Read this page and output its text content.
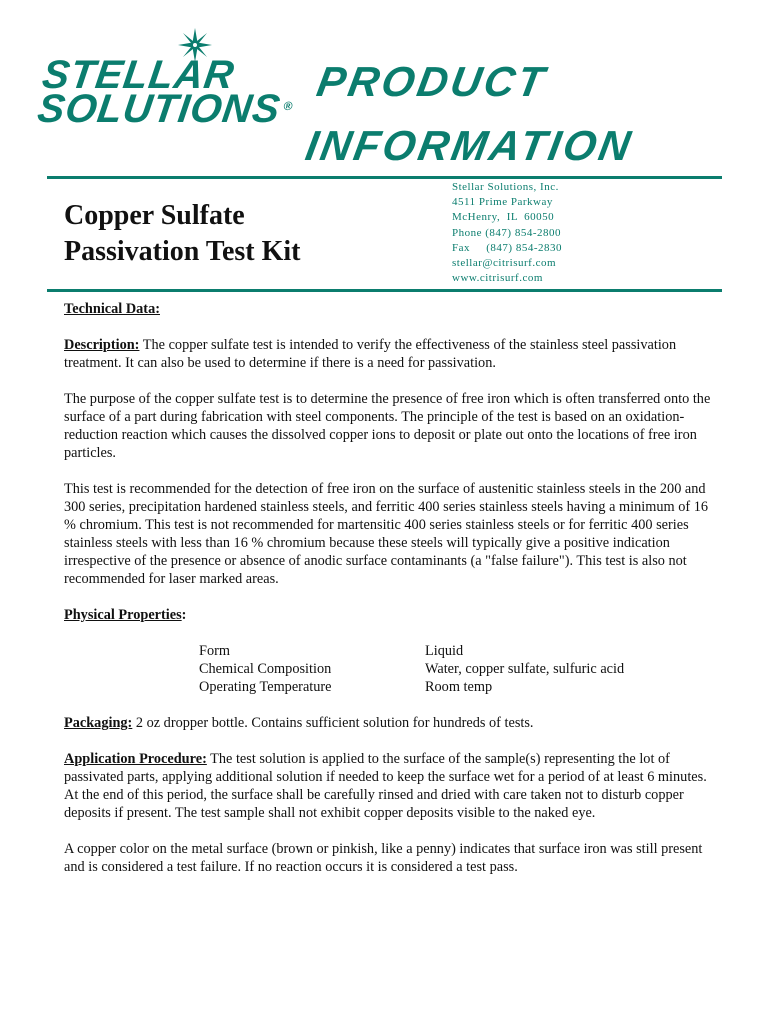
STELLAR
SOLUTIONS®
PRODUCT
INFORMATION
Copper Sulfate
Passivation Test Kit
Stellar Solutions, Inc.
4511 Prime Parkway
McHenry,  IL  60050
Phone (847) 854-2800
Fax     (847) 854-2830
stellar@citrisurf.com
www.citrisurf.com

Technical Data:

Description: The copper sulfate test is intended to verify the effectiveness of the stainless steel passivation treatment. It can also be used to determine if there is a need for passivation.

The purpose of the copper sulfate test is to determine the presence of free iron which is often transferred onto the surface of a part during fabrication with steel components. The principle of the test is based on an oxidation-reduction reaction which causes the dissolved copper ions to deposit or plate out onto the locations of free iron particles.

This test is recommended for the detection of free iron on the surface of austenitic stainless steels in the 200 and 300 series, precipitation hardened stainless steels, and ferritic 400 series stainless steels having a minimum of 16 % chromium. This test is not recommended for martensitic 400 series stainless steels or for ferritic 400 series stainless steels with less than 16 % chromium because these steels will typically give a positive indication irrespective of the presence or absence of anodic surface contaminants (a "false failure"). This test is also not recommended for laser marked areas.

Physical Properties:

Form	Liquid
Chemical Composition	Water, copper sulfate, sulfuric acid
Operating Temperature	Room temp

Packaging: 2 oz dropper bottle. Contains sufficient solution for hundreds of tests.

Application Procedure: The test solution is applied to the surface of the sample(s) representing the lot of passivated parts, applying additional solution if needed to keep the surface wet for a period of at least 6 minutes. At the end of this period, the surface shall be carefully rinsed and dried with care taken not to disturb copper deposits if present. The test sample shall not exhibit copper deposits visible to the naked eye.

A copper color on the metal surface (brown or pinkish, like a penny) indicates that surface iron was still present and is considered a test failure. If no reaction occurs it is considered a test pass.
